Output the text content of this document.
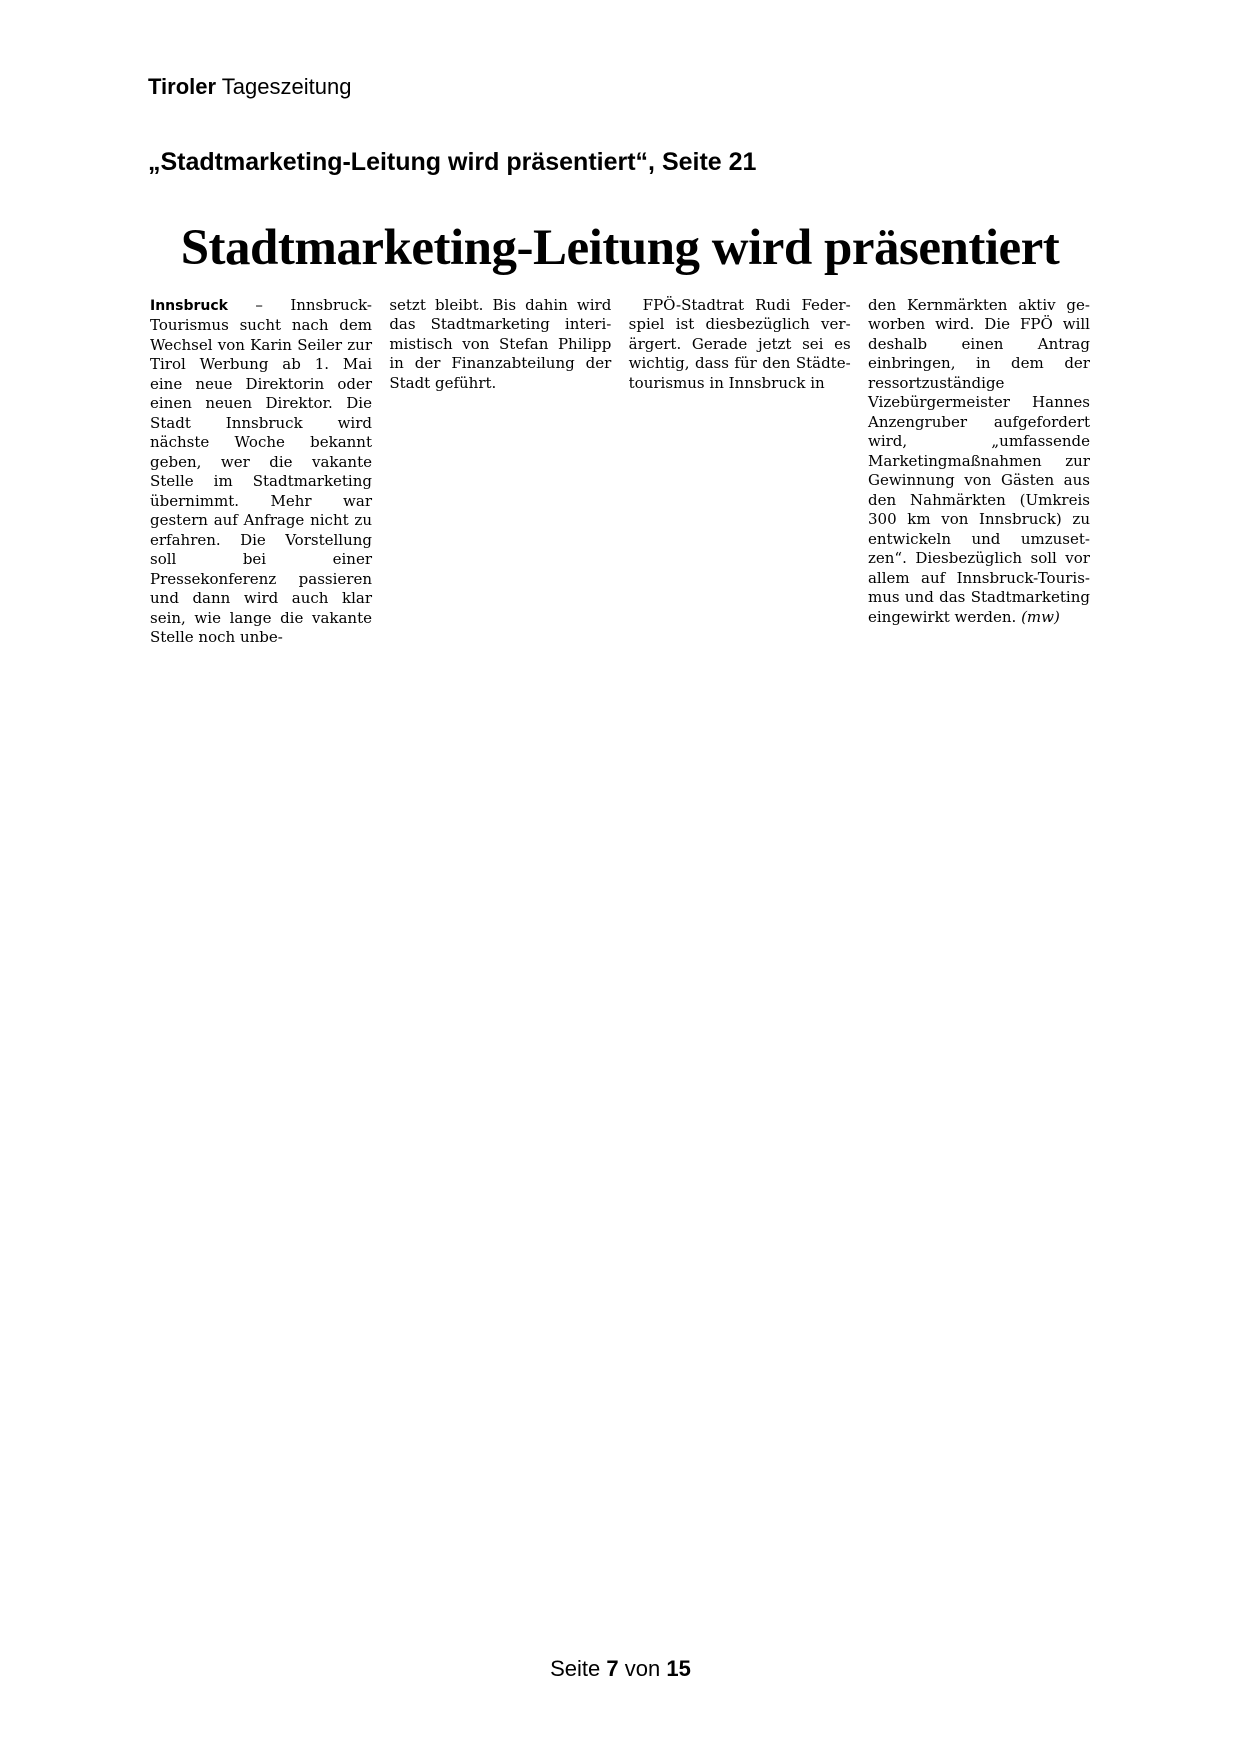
Tiroler Tageszeitung
„Stadtmarketing-Leitung wird präsentiert“, Seite 21
Stadtmarketing-Leitung wird präsentiert

Innsbruck – Innsbruck-Tourismus sucht nach dem Wechsel von Karin Seiler zur Tirol Werbung ab 1. Mai eine neue Direktorin oder einen neuen Direktor. Die Stadt Innsbruck wird nächste Woche bekannt geben, wer die vakante Stelle im Stadtmarketing übernimmt. Mehr war gestern auf Anfrage nicht zu erfahren. Die Vorstellung soll bei einer Pressekonferenz passieren und dann wird auch klar sein, wie lange die vakante Stelle noch unbe-

setzt bleibt. Bis dahin wird das Stadtmarketing interimistisch von Stefan Philipp in der Finanzabteilung der Stadt geführt.

FPÖ-Stadtrat Rudi Federspiel ist diesbezüglich verärgert. Gerade jetzt sei es wichtig, dass für den Städtetourismus in Innsbruck in

den Kernmärkten aktiv geworben wird. Die FPÖ will deshalb einen Antrag einbringen, in dem der ressortzuständige Vizebürgermeister Hannes Anzengruber aufgefordert wird, „umfassende Marketingmaßnahmen zur Gewinnung von Gästen aus den Nahmärkten (Umkreis 300 km von Innsbruck) zu entwickeln und umzusetzen“. Diesbezüglich soll vor allem auf Innsbruck-Tourismus und das Stadtmarketing eingewirkt werden. (mw)

Seite 7 von 15
